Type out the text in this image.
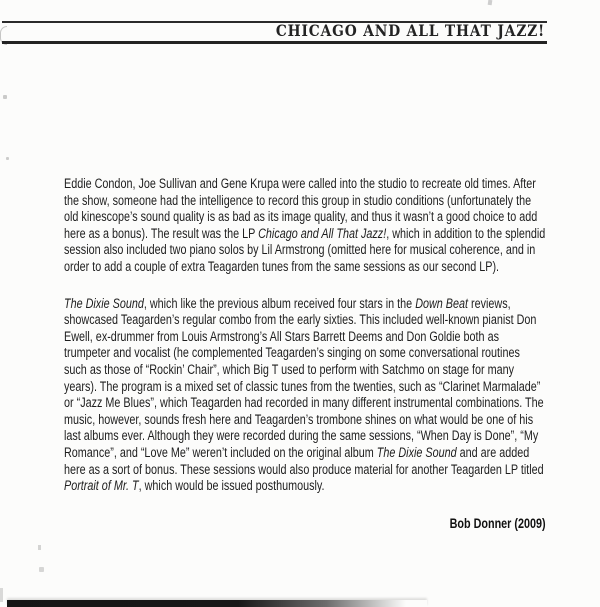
CHICAGO AND ALL THAT JAZZ!

Eddie Condon, Joe Sullivan and Gene Krupa were called into the studio to recreate old times. After the show, someone had the intelligence to record this group in studio conditions (unfortunately the old kinescope’s sound quality is as bad as its image quality, and thus it wasn’t a good choice to add here as a bonus). The result was the LP Chicago and All That Jazz!, which in addition to the splendid session also included two piano solos by Lil Armstrong (omitted here for musical coherence, and in order to add a couple of extra Teagarden tunes from the same sessions as our second LP).

The Dixie Sound, which like the previous album received four stars in the Down Beat reviews, showcased Teagarden’s regular combo from the early sixties. This included well-known pianist Don Ewell, ex-drummer from Louis Armstrong’s All Stars Barrett Deems and Don Goldie both as trumpeter and vocalist (he complemented Teagarden’s singing on some conversational routines such as those of “Rockin’ Chair”, which Big T used to perform with Satchmo on stage for many years). The program is a mixed set of classic tunes from the twenties, such as “Clarinet Marmalade” or “Jazz Me Blues”, which Teagarden had recorded in many different instrumental combinations. The music, however, sounds fresh here and Teagarden’s trombone shines on what would be one of his last albums ever. Although they were recorded during the same sessions, “When Day is Done”, “My Romance”, and “Love Me” weren’t included on the original album The Dixie Sound and are added here as a sort of bonus. These sessions would also produce material for another Teagarden LP titled Portrait of Mr. T, which would be issued posthumously.

Bob Donner (2009)
